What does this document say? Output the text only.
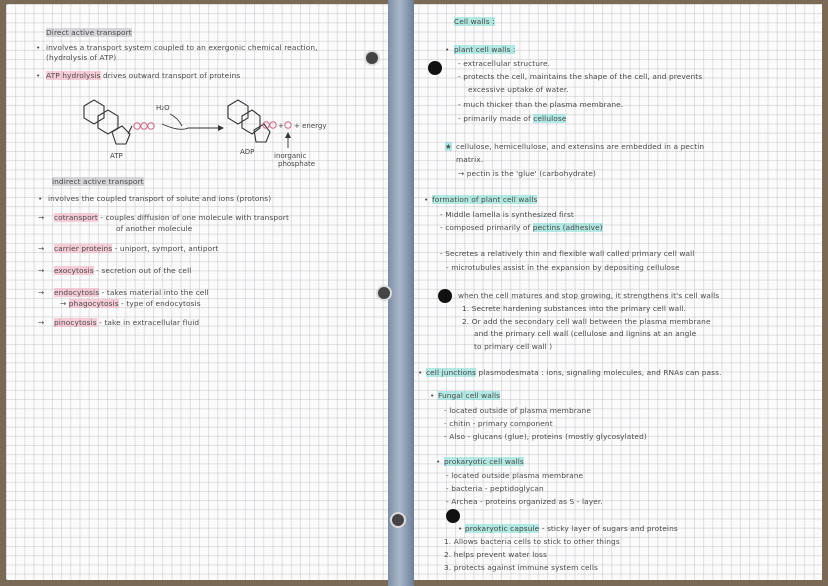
Direct active transport
• involves a transport system coupled to an exergonic chemical reaction,
(hydrolysis of ATP)
• ATP hydrolysis drives outward transport of proteins
ATP
H₂O
+ + energy
ADP	inorganic
phosphate
indirect active transport
• involves the coupled transport of solute and ions (protons)
→ cotransport - couples diffusion of one molecule with transport
of another molecule
→ carrier proteins - uniport, symport, antiport
→ exocytosis - secretion out of the cell
→ endocytosis - takes material into the cell
→ phagocytosis - type of endocytosis
→ pinocytosis - take in extracellular fluid
Cell walls :
• plant cell walls :
- extracellular structure.
- protects the cell, maintains the shape of the cell, and prevents
excessive uptake of water.
- much thicker than the plasma membrane.
- primarily made of cellulose
★ cellulose, hemicellulose, and extensins are embedded in a pectin
matrix.
→ pectin is the 'glue' (carbohydrate)
• formation of plant cell walls
- Middle lamella is synthesized first
- composed primarily of pectins (adhesive)
- Secretes a relatively thin and flexible wall called primary cell wall
- microtubules assist in the expansion by depositing cellulose
when the cell matures and stop growing, it strengthens it's cell walls
1. Secrete hardening substances into the primary cell wall.
2. Or add the secondary cell wall between the plasma membrane
and the primary cell wall (cellulose and lignins at an angle
to primary cell wall )
• cell junctions plasmodesmata : ions, signaling molecules, and RNAs can pass.
• Fungal cell walls
- located outside of plasma membrane
- chitin - primary component
- Also - glucans (glue), proteins (mostly glycosylated)
• prokaryotic cell walls
- located outside plasma membrane
- bacteria - peptidoglycan
- Archea - proteins organized as S - layer.
• prokaryotic capsule - sticky layer of sugars and proteins
1. Allows bacteria cells to stick to other things
2. helps prevent water loss
3. protects against immune system cells
